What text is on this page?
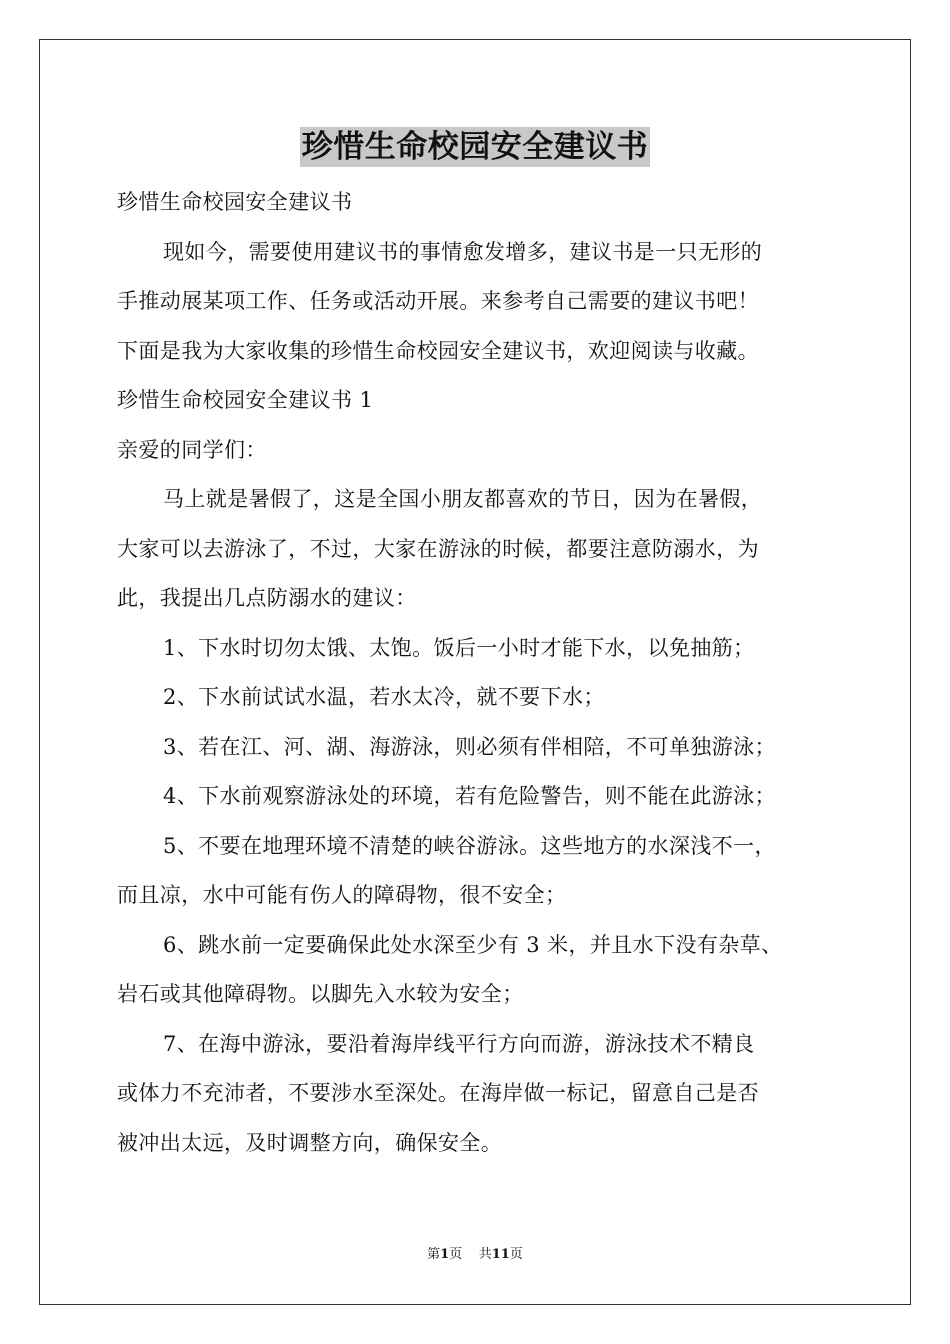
珍惜生命校园安全建议书
珍惜生命校园安全建议书
现如今，需要使用建议书的事情愈发增多，建议书是一只无形的
手推动展某项工作、任务或活动开展。来参考自己需要的建议书吧！
下面是我为大家收集的珍惜生命校园安全建议书，欢迎阅读与收藏。
珍惜生命校园安全建议书 1
亲爱的同学们：
马上就是暑假了，这是全国小朋友都喜欢的节日，因为在暑假，
大家可以去游泳了，不过，大家在游泳的时候，都要注意防溺水，为
此，我提出几点防溺水的建议：
1、下水时切勿太饿、太饱。饭后一小时才能下水，以免抽筋；
2、下水前试试水温，若水太冷，就不要下水；
3、若在江、河、湖、海游泳，则必须有伴相陪，不可单独游泳；
4、下水前观察游泳处的环境，若有危险警告，则不能在此游泳；
5、不要在地理环境不清楚的峡谷游泳。这些地方的水深浅不一，
而且凉，水中可能有伤人的障碍物，很不安全；
6、跳水前一定要确保此处水深至少有 3 米，并且水下没有杂草、
岩石或其他障碍物。以脚先入水较为安全；
7、在海中游泳，要沿着海岸线平行方向而游，游泳技术不精良
或体力不充沛者，不要涉水至深处。在海岸做一标记，留意自己是否
被冲出太远，及时调整方向，确保安全。
第1页 共11页
